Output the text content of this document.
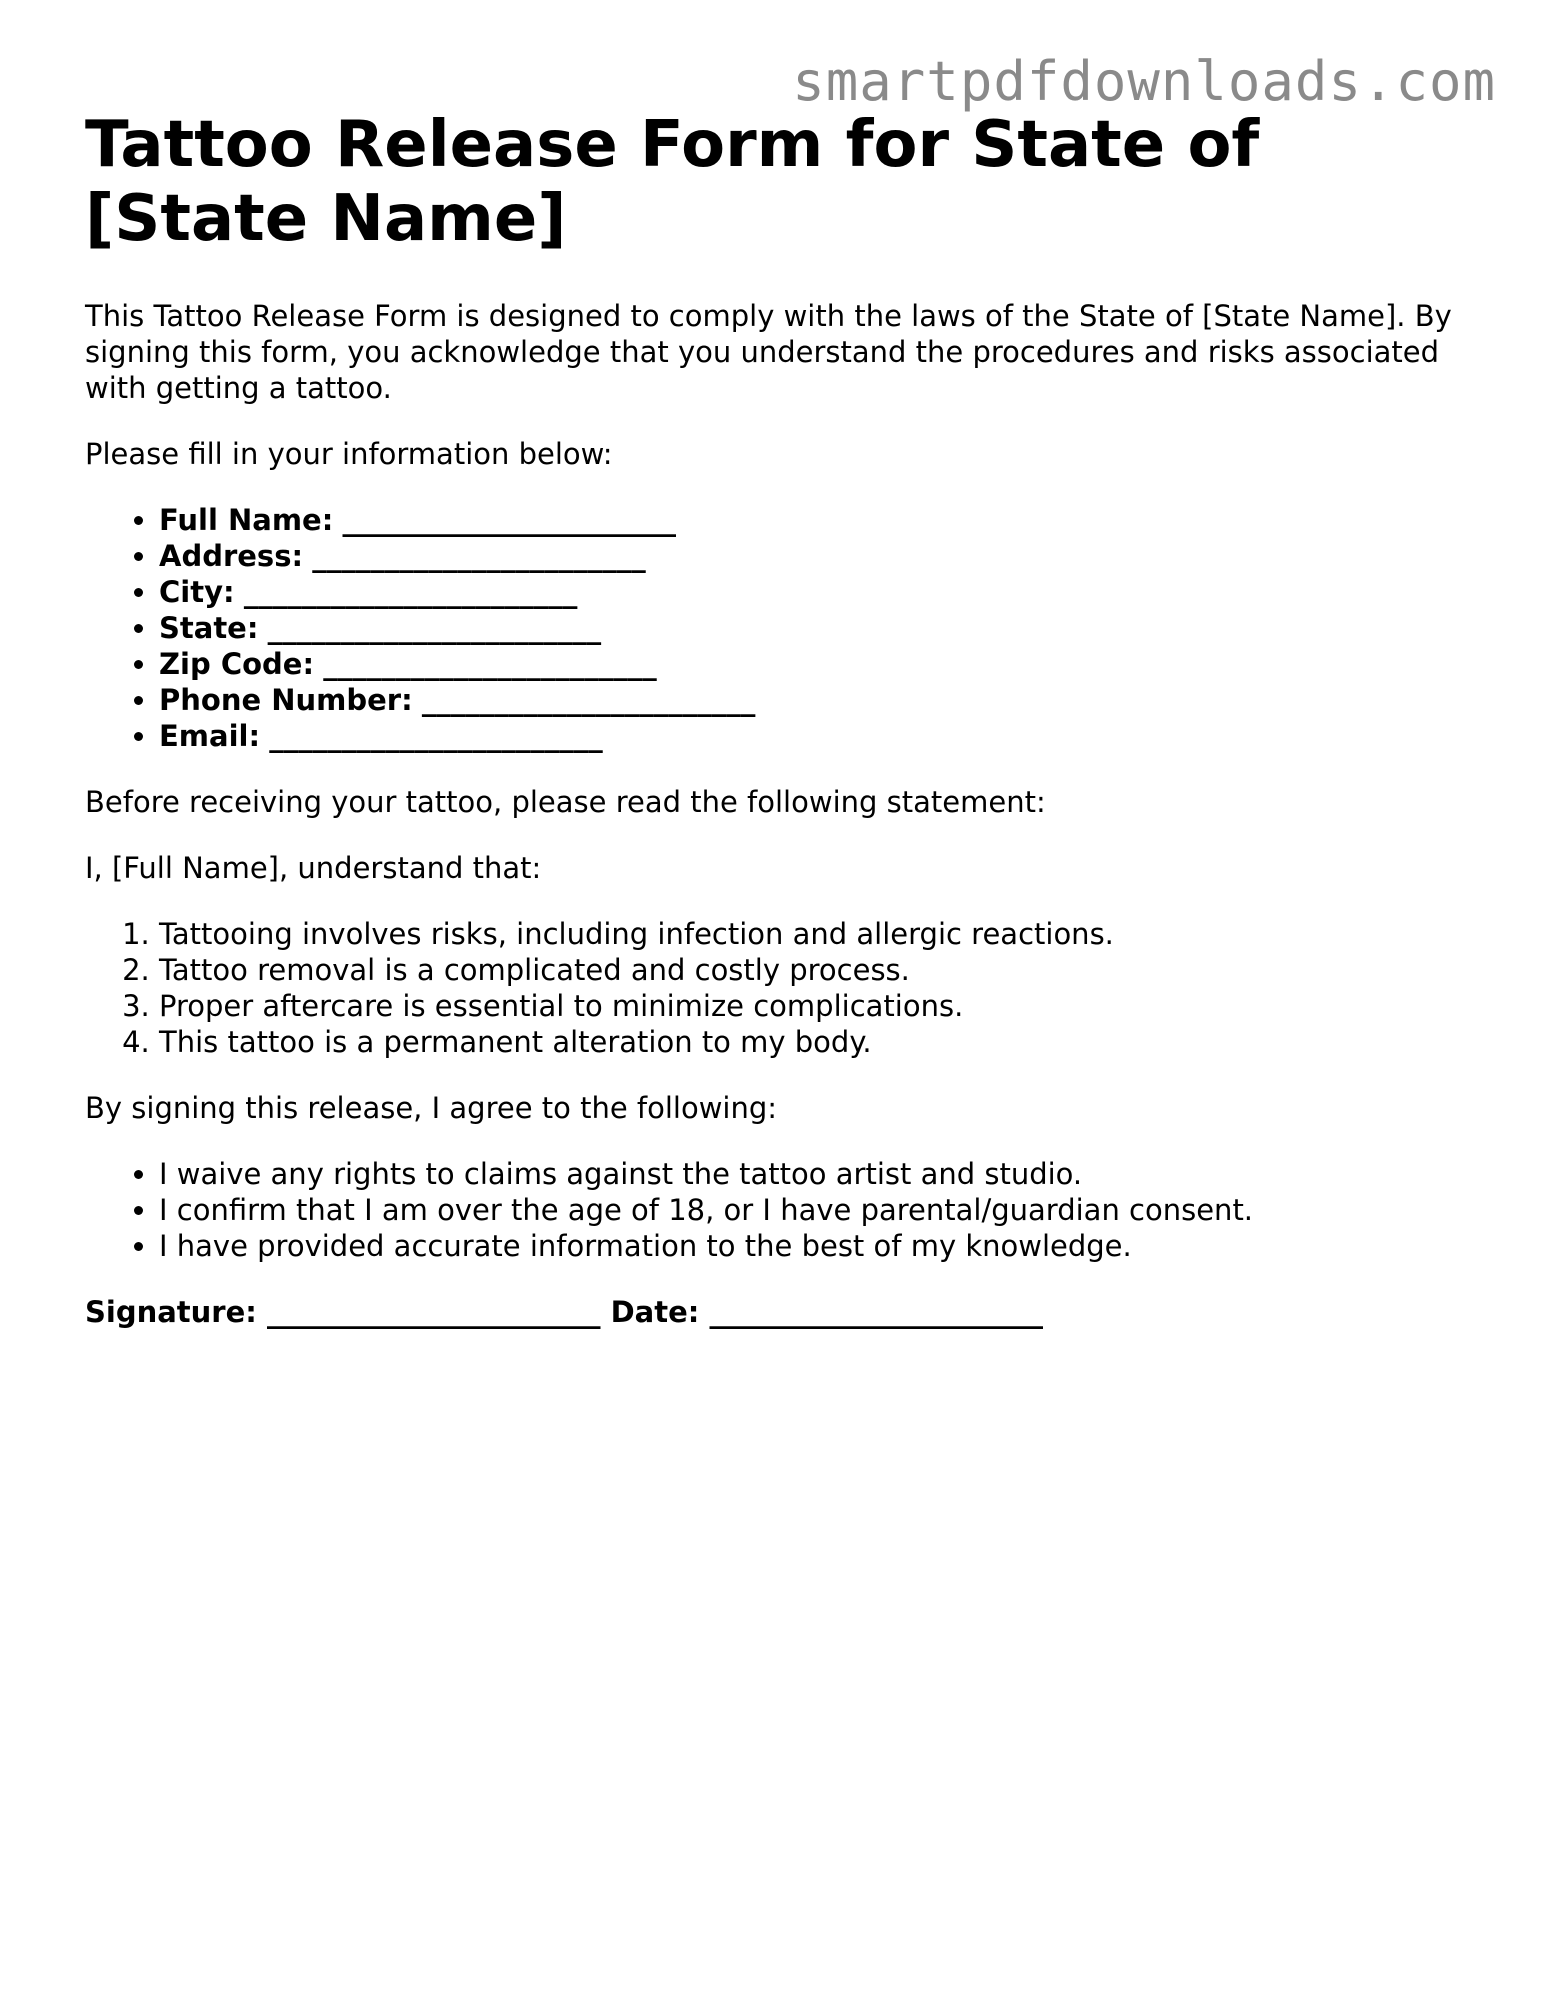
smartpdfdownloads.com
Tattoo Release Form for State of [State Name]

This Tattoo Release Form is designed to comply with the laws of the State of [State Name]. By signing this form, you acknowledge that you understand the procedures and risks associated with getting a tattoo.

Please fill in your information below:

• Full Name: _______________________
• Address: _______________________
• City: _______________________
• State: _______________________
• Zip Code: _______________________
• Phone Number: _______________________
• Email: _______________________

Before receiving your tattoo, please read the following statement:

I, [Full Name], understand that:

1. Tattooing involves risks, including infection and allergic reactions.
2. Tattoo removal is a complicated and costly process.
3. Proper aftercare is essential to minimize complications.
4. This tattoo is a permanent alteration to my body.

By signing this release, I agree to the following:

• I waive any rights to claims against the tattoo artist and studio.
• I confirm that I am over the age of 18, or I have parental/guardian consent.
• I have provided accurate information to the best of my knowledge.
Signature: _______________________ Date: _______________________
